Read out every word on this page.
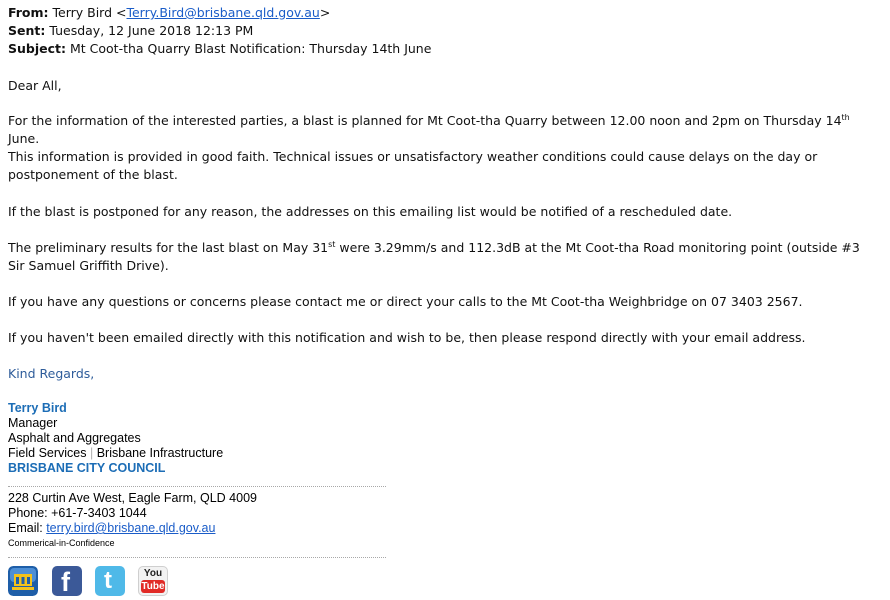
From: Terry Bird <Terry.Bird@brisbane.qld.gov.au>
Sent: Tuesday, 12 June 2018 12:13 PM
Subject: Mt Coot-tha Quarry Blast Notification: Thursday 14th June
Dear All,
For the information of the interested parties, a blast is planned for Mt Coot-tha Quarry between 12.00 noon and 2pm on Thursday 14th June.
This information is provided in good faith. Technical issues or unsatisfactory weather conditions could cause delays on the day or postponement of the blast.
If the blast is postponed for any reason, the addresses on this emailing list would be notified of a rescheduled date.
The preliminary results for the last blast on May 31st were 3.29mm/s and 112.3dB at the Mt Coot-tha Road monitoring point (outside #3 Sir Samuel Griffith Drive).
If you have any questions or concerns please contact me or direct your calls to the Mt Coot-tha Weighbridge on 07 3403 2567.
If you haven't been emailed directly with this notification and wish to be, then please respond directly with your email address.
Kind Regards,
Terry Bird
Manager
Asphalt and Aggregates
Field Services | Brisbane Infrastructure
BRISBANE CITY COUNCIL
228 Curtin Ave West, Eagle Farm, QLD 4009
Phone: +61-7-3403 1044
Email: terry.bird@brisbane.qld.gov.au
Commerical-in-Confidence
f t	You
Tube
